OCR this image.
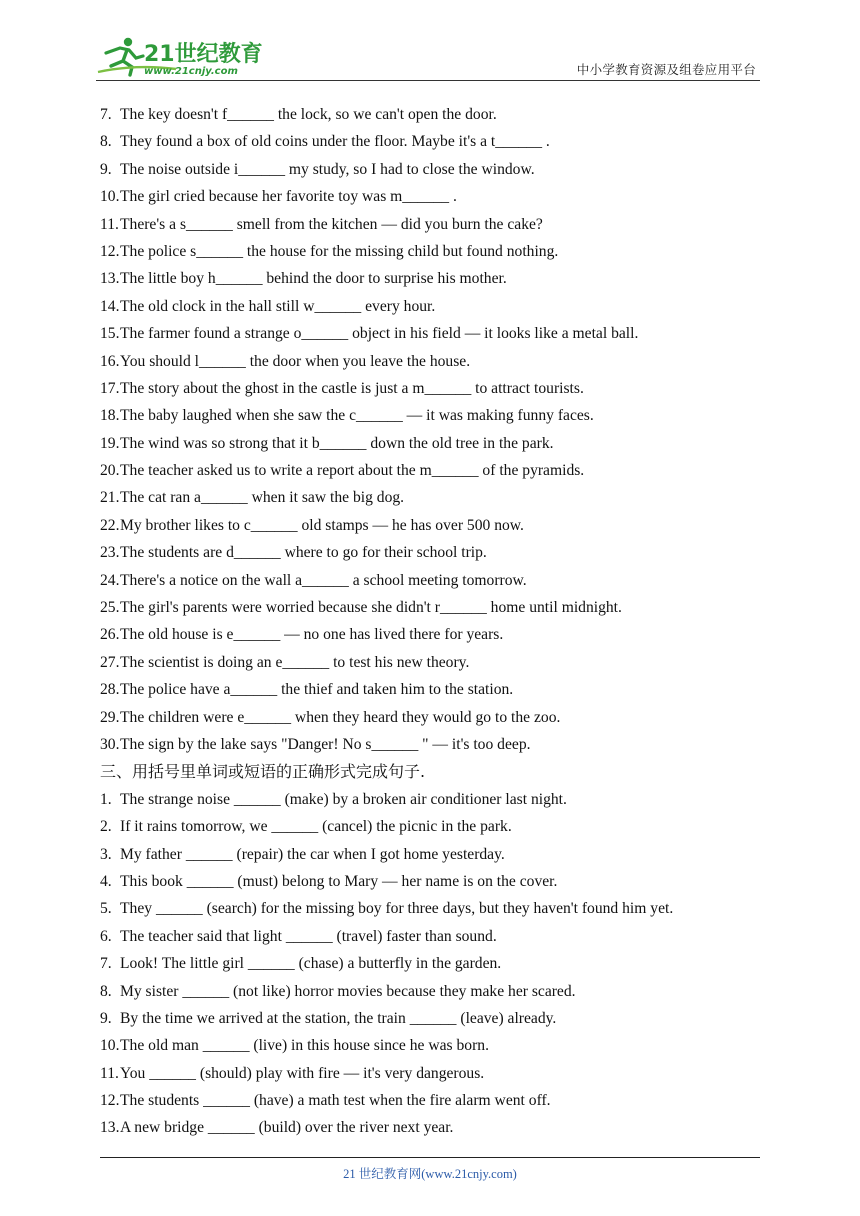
21世纪教育
www.21cnjy.com	中小学教育资源及组卷应用平台
7. The key doesn't f______ the lock, so we can't open the door.
8. They found a box of old coins under the floor. Maybe it's a t______ .
9. The noise outside i______ my study, so I had to close the window.
10. The girl cried because her favorite toy was m______ .
11. There's a s______ smell from the kitchen — did you burn the cake?
12. The police s______ the house for the missing child but found nothing.
13. The little boy h______ behind the door to surprise his mother.
14. The old clock in the hall still w______ every hour.
15. The farmer found a strange o______ object in his field — it looks like a metal ball.
16. You should l______ the door when you leave the house.
17. The story about the ghost in the castle is just a m______ to attract tourists.
18. The baby laughed when she saw the c______ — it was making funny faces.
19. The wind was so strong that it b______ down the old tree in the park.
20. The teacher asked us to write a report about the m______ of the pyramids.
21. The cat ran a______ when it saw the big dog.
22. My brother likes to c______ old stamps — he has over 500 now.
23. The students are d______ where to go for their school trip.
24. There's a notice on the wall a______ a school meeting tomorrow.
25. The girl's parents were worried because she didn't r______ home until midnight.
26. The old house is e______ — no one has lived there for years.
27. The scientist is doing an e______ to test his new theory.
28. The police have a______ the thief and taken him to the station.
29. The children were e______ when they heard they would go to the zoo.
30. The sign by the lake says "Danger! No s______ " — it's too deep.
三、用括号里单词或短语的正确形式完成句子.
1. The strange noise ______ (make) by a broken air conditioner last night.
2. If it rains tomorrow, we ______ (cancel) the picnic in the park.
3. My father ______ (repair) the car when I got home yesterday.
4. This book ______ (must) belong to Mary — her name is on the cover.
5. They ______ (search) for the missing boy for three days, but they haven't found him yet.
6. The teacher said that light ______ (travel) faster than sound.
7. Look! The little girl ______ (chase) a butterfly in the garden.
8. My sister ______ (not like) horror movies because they make her scared.
9. By the time we arrived at the station, the train ______ (leave) already.
10. The old man ______ (live) in this house since he was born.
11. You ______ (should) play with fire — it's very dangerous.
12. The students ______ (have) a math test when the fire alarm went off.
13. A new bridge ______ (build) over the river next year.
21 世纪教育网(www.21cnjy.com)
